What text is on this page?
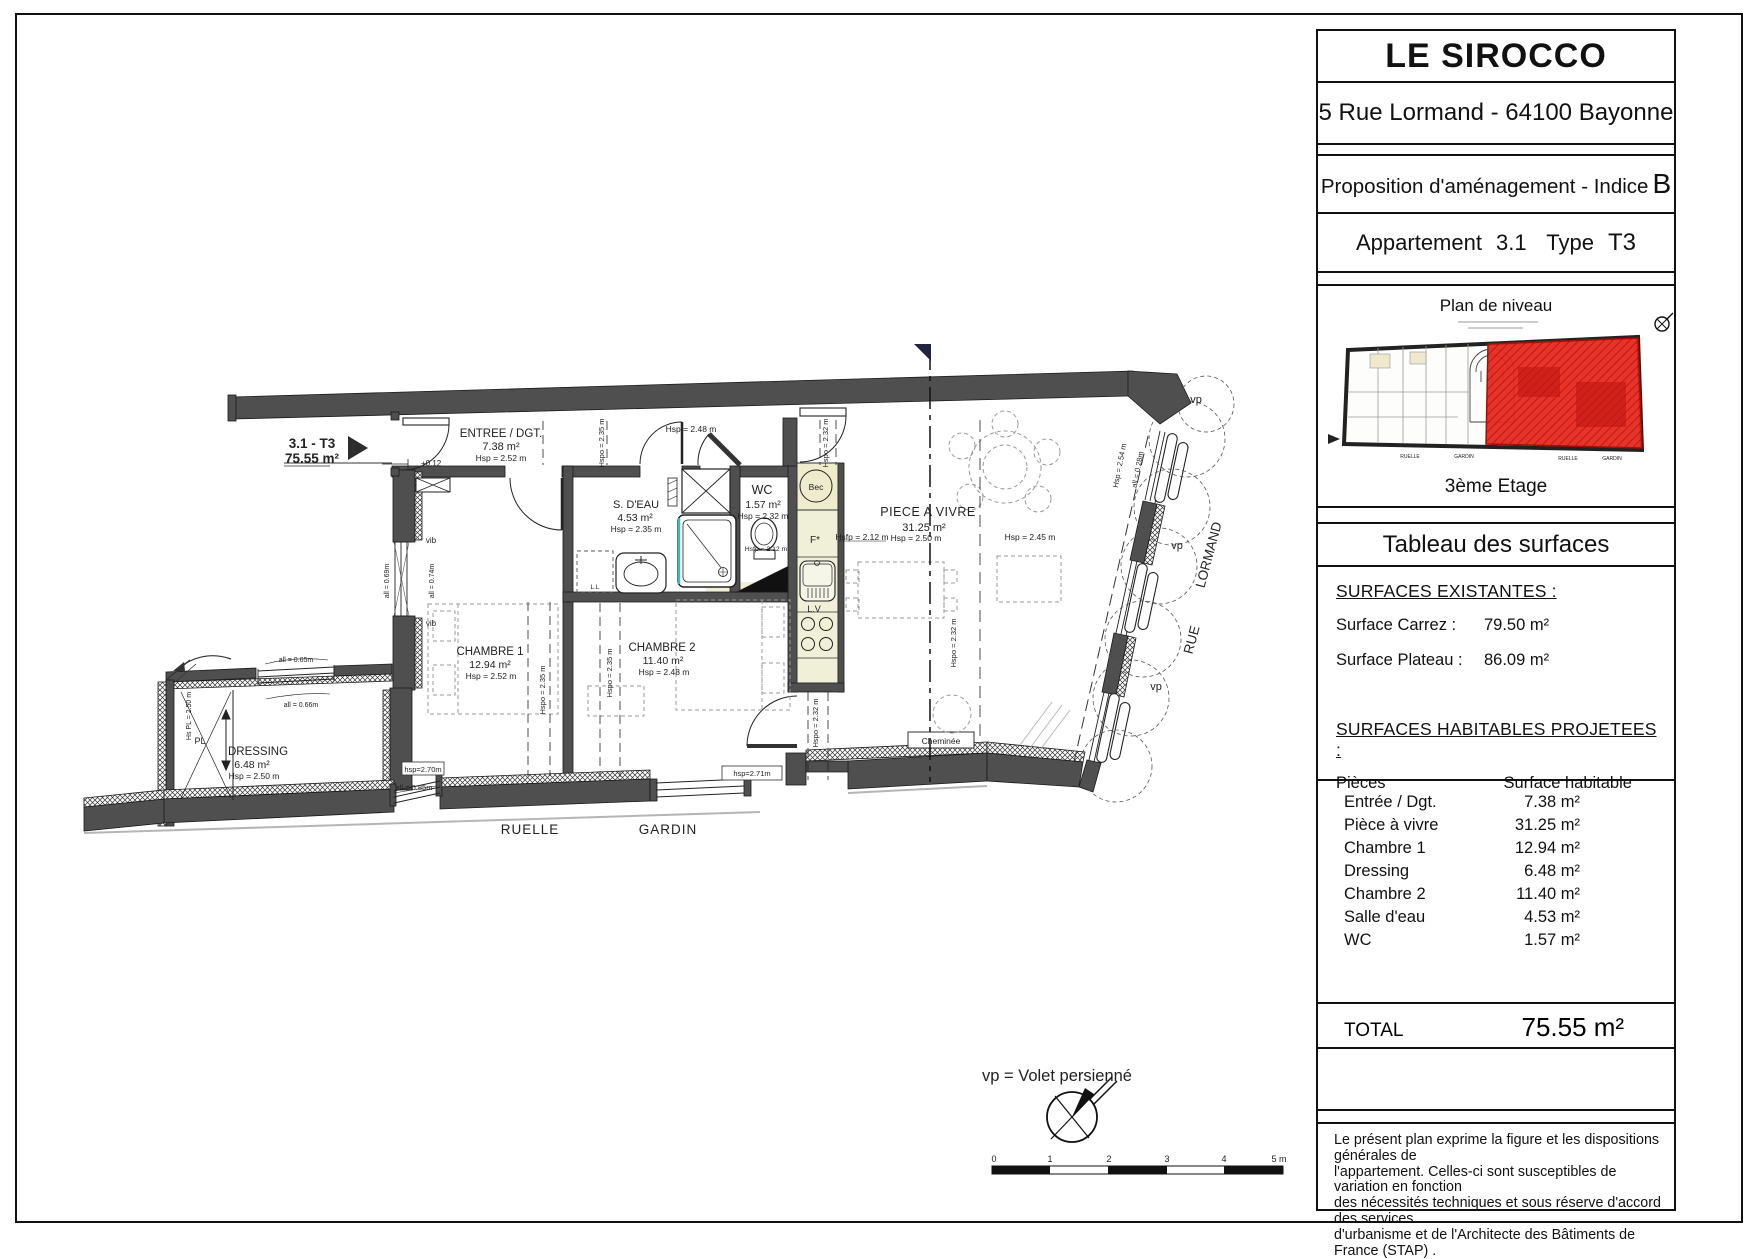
3.1 - T3
75.55 m²
ENTREE / DGT.
7.38 m²
Hsp = 2.52 m
+0.12
Hsp = 2.48 m
S. D'EAU
4.53 m²
Hsp = 2.35 m
WC
1.57 m²
Hsp = 2.32 m
Hsfp = 2.12 m
PIECE A VIVRE
31.25 m²
Hsp = 2.50 m
Hsfp = 2.12 m	Hsp = 2.45 m
CHAMBRE 1
12.94 m²
Hsp = 2.52 m
CHAMBRE 2
11.40 m²
Hsp = 2.48 m
DRESSING
6.48 m²
Hsp = 2.50 m
PL
Bec
F*
L.V
L.L
Cheminée
vib
vib
all = 0.65m
all = 0.66m
hsp=2.70m
all = 0.85m
hsp=2.71m
RUELLE	GARDIN
vp
vp
vp
Hspo = 2.35 m	Hspo = 2.32 m
Hspo = 2.35 m	Hspo = 2.35 m
Hspo = 2.32 m
Hspo = 2.32 m
Hsp = 2.54 m all = 0.28m
all = 0.74m
all = 0.69m
Hs PL = 2.50 m
LORMAND
RUE
vp = Volet persienné
0	1	2	3	4	5 m
LE SIROCCO
5 Rue Lormand - 64100 Bayonne
Proposition d'aménagement - Indice B
Appartement 3.1 Type T3
Plan de niveau
RUELLE	GARDIN	RUELLE	GARDIN
3ème Etage
Tableau des surfaces
SURFACES EXISTANTES :
Surface Carrez :	79.50 m²
Surface Plateau :	86.09 m²
SURFACES HABITABLES PROJETEES :
Pièces	Surface habitable
Entrée / Dgt.	7.38 m²
Pièce à vivre	31.25 m²
Chambre 1	12.94 m²
Dressing	6.48 m²
Chambre 2	11.40 m²
Salle d'eau	4.53 m²
WC	1.57 m²
TOTAL	75.55 m²
Le présent plan exprime la figure et les dispositions générales de
l'appartement. Celles-ci sont susceptibles de variation en fonction
des nécessités techniques et sous réserve d'accord des services
d'urbanisme et de l'Architecte des Bâtiments de France (STAP) .
